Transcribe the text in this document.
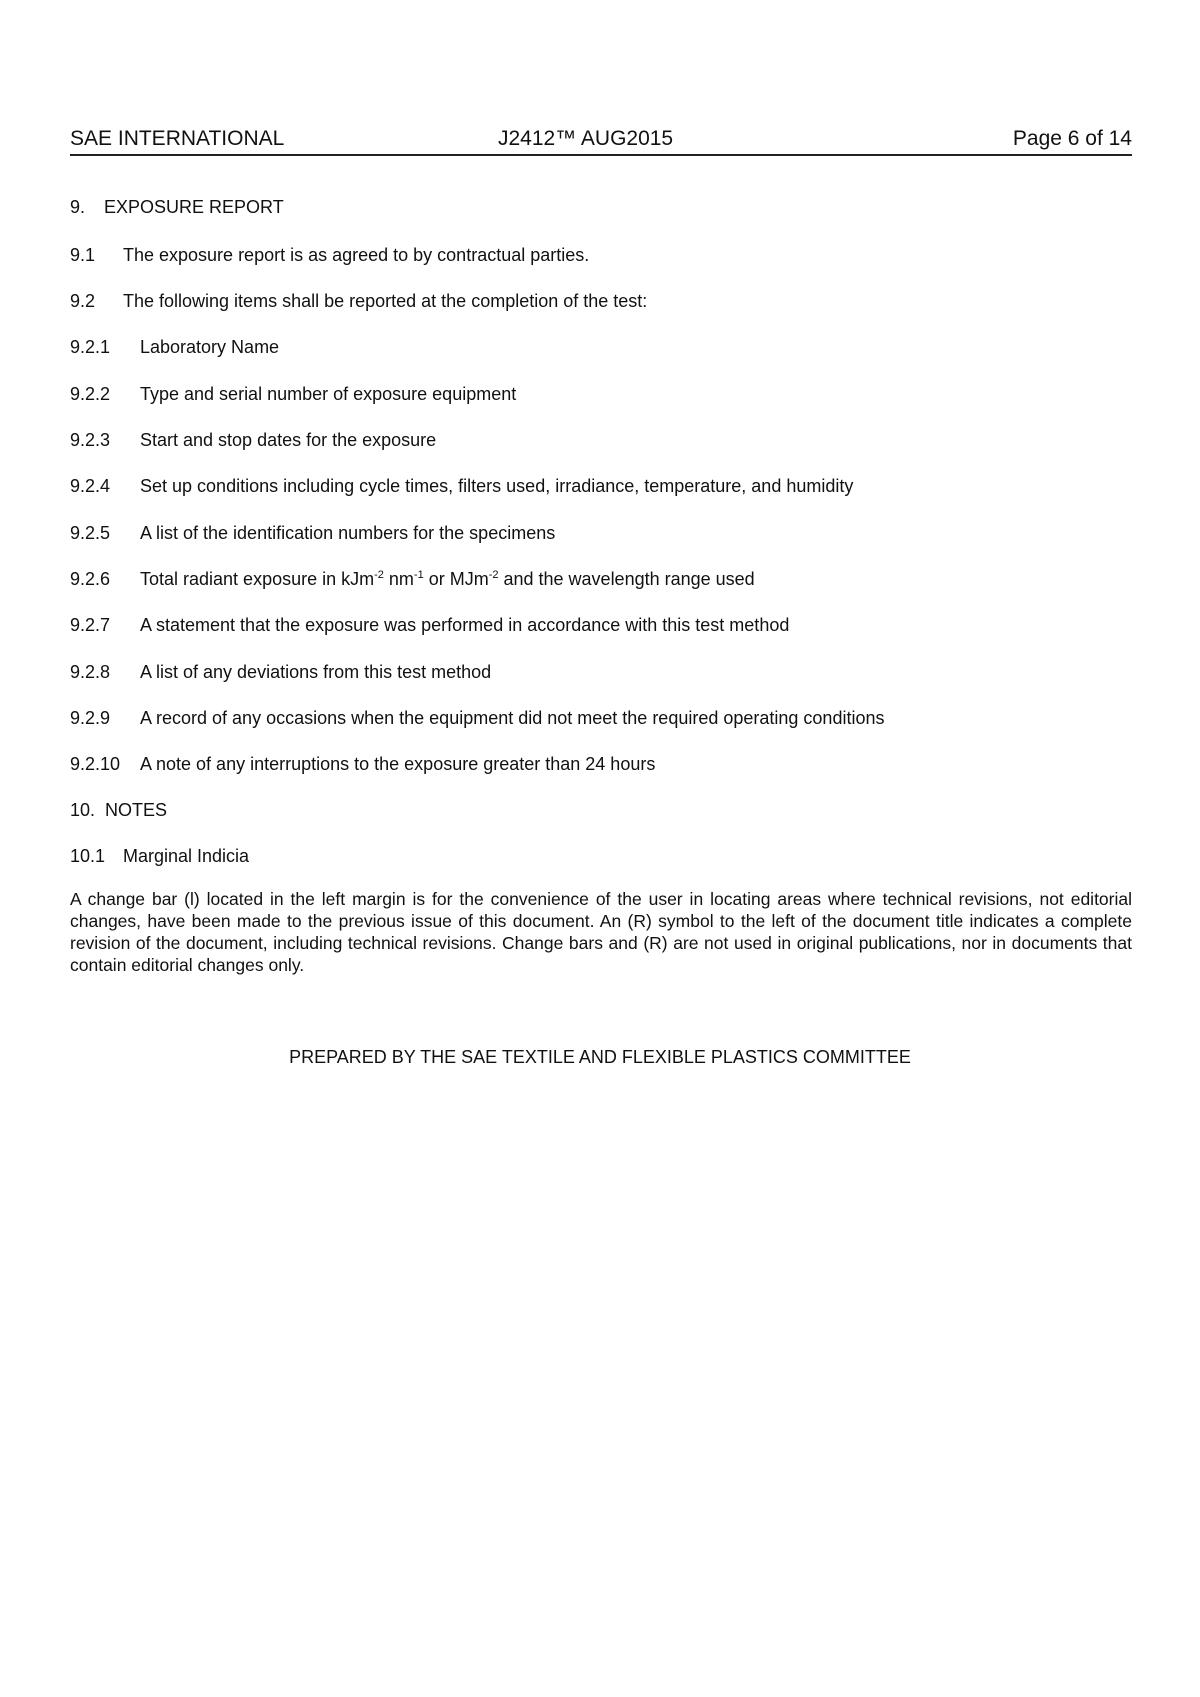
SAE INTERNATIONAL	J2412™ AUG2015	Page 6 of 14
9. EXPOSURE REPORT
9.1 The exposure report is as agreed to by contractual parties.
9.2 The following items shall be reported at the completion of the test:
9.2.1 Laboratory Name
9.2.2 Type and serial number of exposure equipment
9.2.3 Start and stop dates for the exposure
9.2.4 Set up conditions including cycle times, filters used, irradiance, temperature, and humidity
9.2.5 A list of the identification numbers for the specimens
9.2.6 Total radiant exposure in kJm$^{-2}$ $nm^{-1}$ or MJm$^{-2}$ and the wavelength range used
9.2.7 A statement that the exposure was performed in accordance with this test method
9.2.8 A list of any deviations from this test method
9.2.9 A record of any occasions when the equipment did not meet the required operating conditions
9.2.10 A note of any interruptions to the exposure greater than 24 hours
10. NOTES
10.1 Marginal Indicia
A change bar (l) located in the left margin is for the convenience of the user in locating areas where technical revisions, not editorial changes, have been made to the previous issue of this document. An (R) symbol to the left of the document title indicates a complete revision of the document, including technical revisions. Change bars and (R) are not used in original publications, nor in documents that contain editorial changes only.
PREPARED BY THE SAE TEXTILE AND FLEXIBLE PLASTICS COMMITTEE
